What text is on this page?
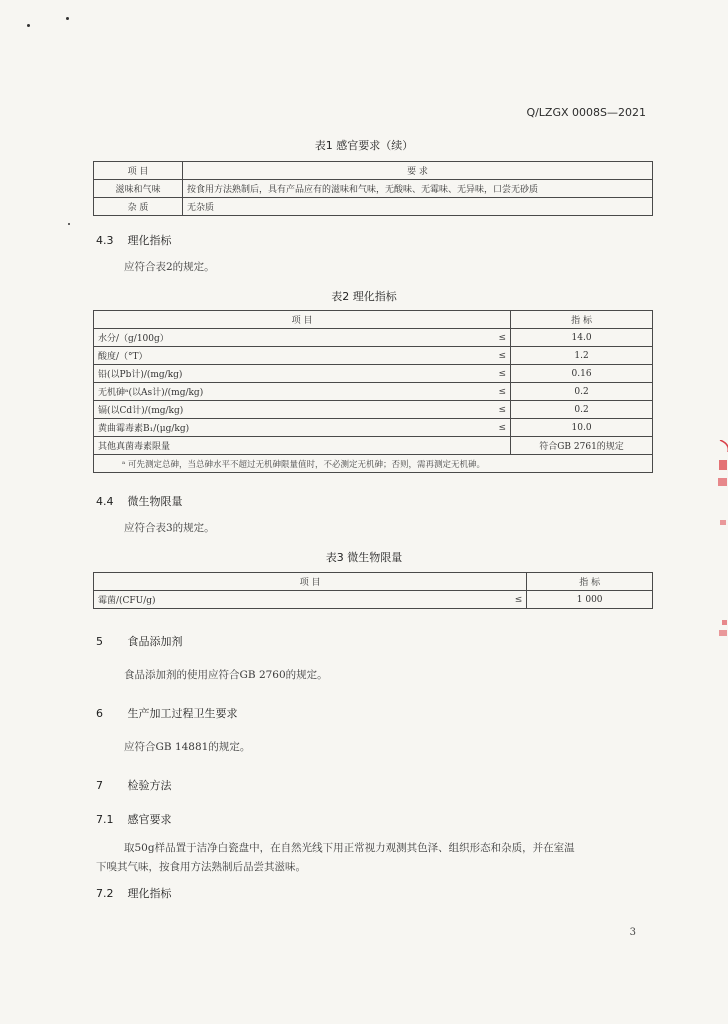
Q/LZGX 0008S—2021
表1 感官要求（续）
项 目	要 求
滋味和气味	按食用方法熟制后，具有产品应有的滋味和气味，无酸味、无霉味、无异味，口尝无砂质
杂 质	无杂质
4.3 理化指标
应符合表2的规定。
表2 理化指标
项 目		指 标
水分/（g/100g）	≤	14.0
酸度/（°T）	≤	1.2
铅(以Pb计)/(mg/kg)	≤	0.16
无机砷ᵃ(以As计)/(mg/kg)	≤	0.2
镉(以Cd计)/(mg/kg)	≤	0.2
黄曲霉毒素B₁/(μg/kg)	≤	10.0
其他真菌毒素限量		符合GB 2761的规定
ᵃ 可先测定总砷，当总砷水平不超过无机砷限量值时，不必测定无机砷；否则，需再测定无机砷。		
4.4 微生物限量
应符合表3的规定。
表3 微生物限量
项 目		指 标
霉菌/(CFU/g)	≤	1 000
5 食品添加剂
食品添加剂的使用应符合GB 2760的规定。
6 生产加工过程卫生要求
应符合GB 14881的规定。
7 检验方法
7.1 感官要求
取50g样品置于洁净白瓷盘中，在自然光线下用正常视力观测其色泽、组织形态和杂质，并在室温
下嗅其气味，按食用方法熟制后品尝其滋味。
7.2 理化指标
3
